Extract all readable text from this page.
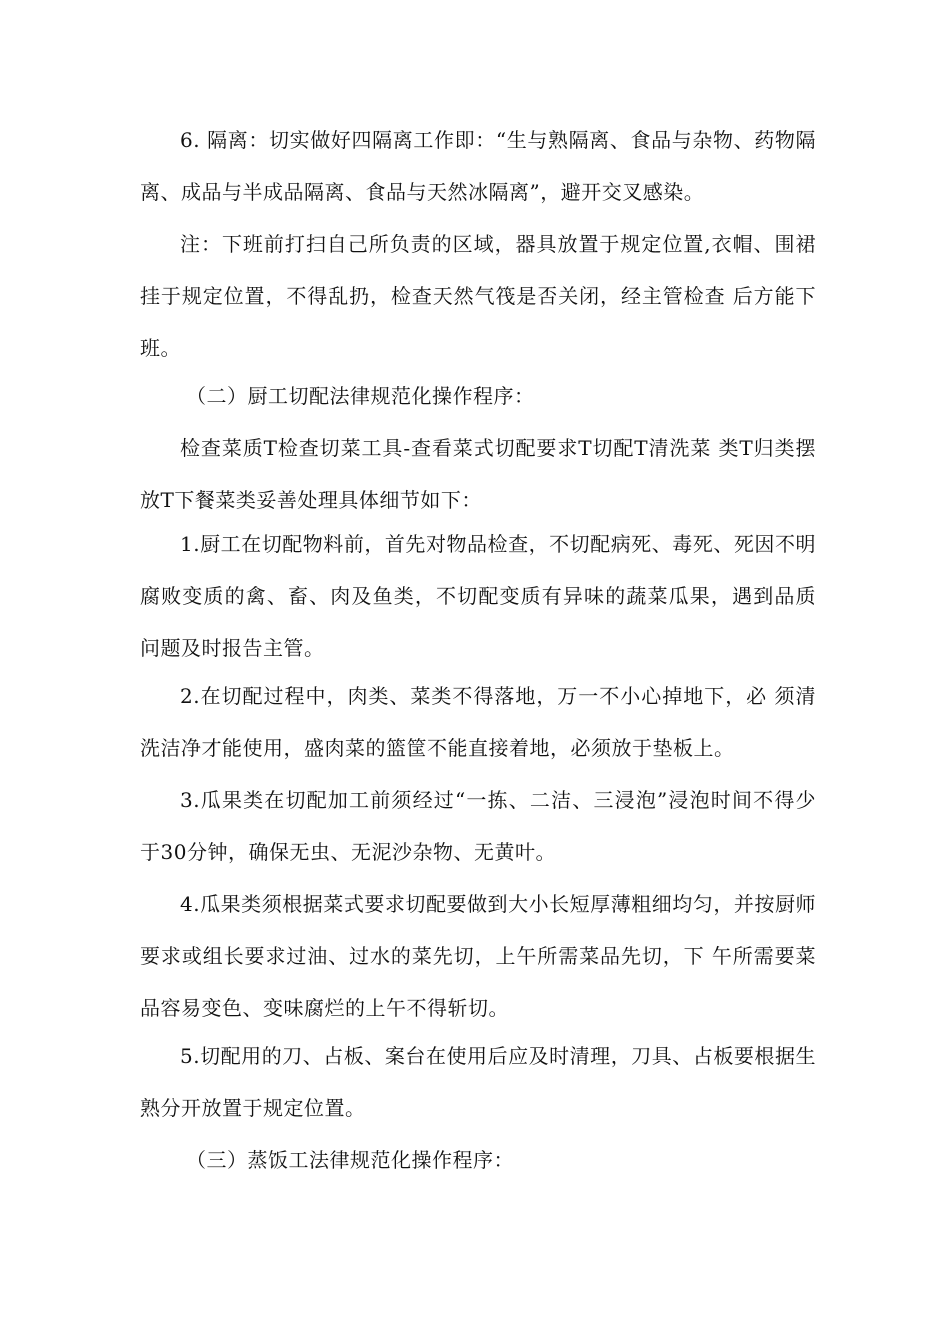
6. 隔离：切实做好四隔离工作即：“生与熟隔离、食品与杂物、药物隔离、成品与半成品隔离、食品与天然冰隔离”，避开交叉感染。

注：下班前打扫自己所负责的区域，器具放置于规定位置,衣帽、围裙挂于规定位置，不得乱扔，检查天然气筏是否关闭，经主管检查 后方能下班。

（二）厨工切配法律规范化操作程序：

检查菜质T检查切菜工具-查看菜式切配要求T切配T清洗菜 类T归类摆放T下餐菜类妥善处理具体细节如下：

1.厨工在切配物料前，首先对物品检查，不切配病死、毒死、死因不明腐败变质的禽、畜、肉及鱼类，不切配变质有异味的蔬菜瓜果，遇到品质问题及时报告主管。

2.在切配过程中，肉类、菜类不得落地，万一不小心掉地下，必 须清洗洁净才能使用，盛肉菜的篮筐不能直接着地，必须放于垫板上。

3.瓜果类在切配加工前须经过“一拣、二洁、三浸泡”浸泡时间不得少于30分钟，确保无虫、无泥沙杂物、无黄叶。

4.瓜果类须根据菜式要求切配要做到大小长短厚薄粗细均匀，并按厨师要求或组长要求过油、过水的菜先切，上午所需菜品先切，下 午所需要菜品容易变色、变味腐烂的上午不得斩切。

5.切配用的刀、占板、案台在使用后应及时清理，刀具、占板要根据生熟分开放置于规定位置。

（三）蒸饭工法律规范化操作程序：
